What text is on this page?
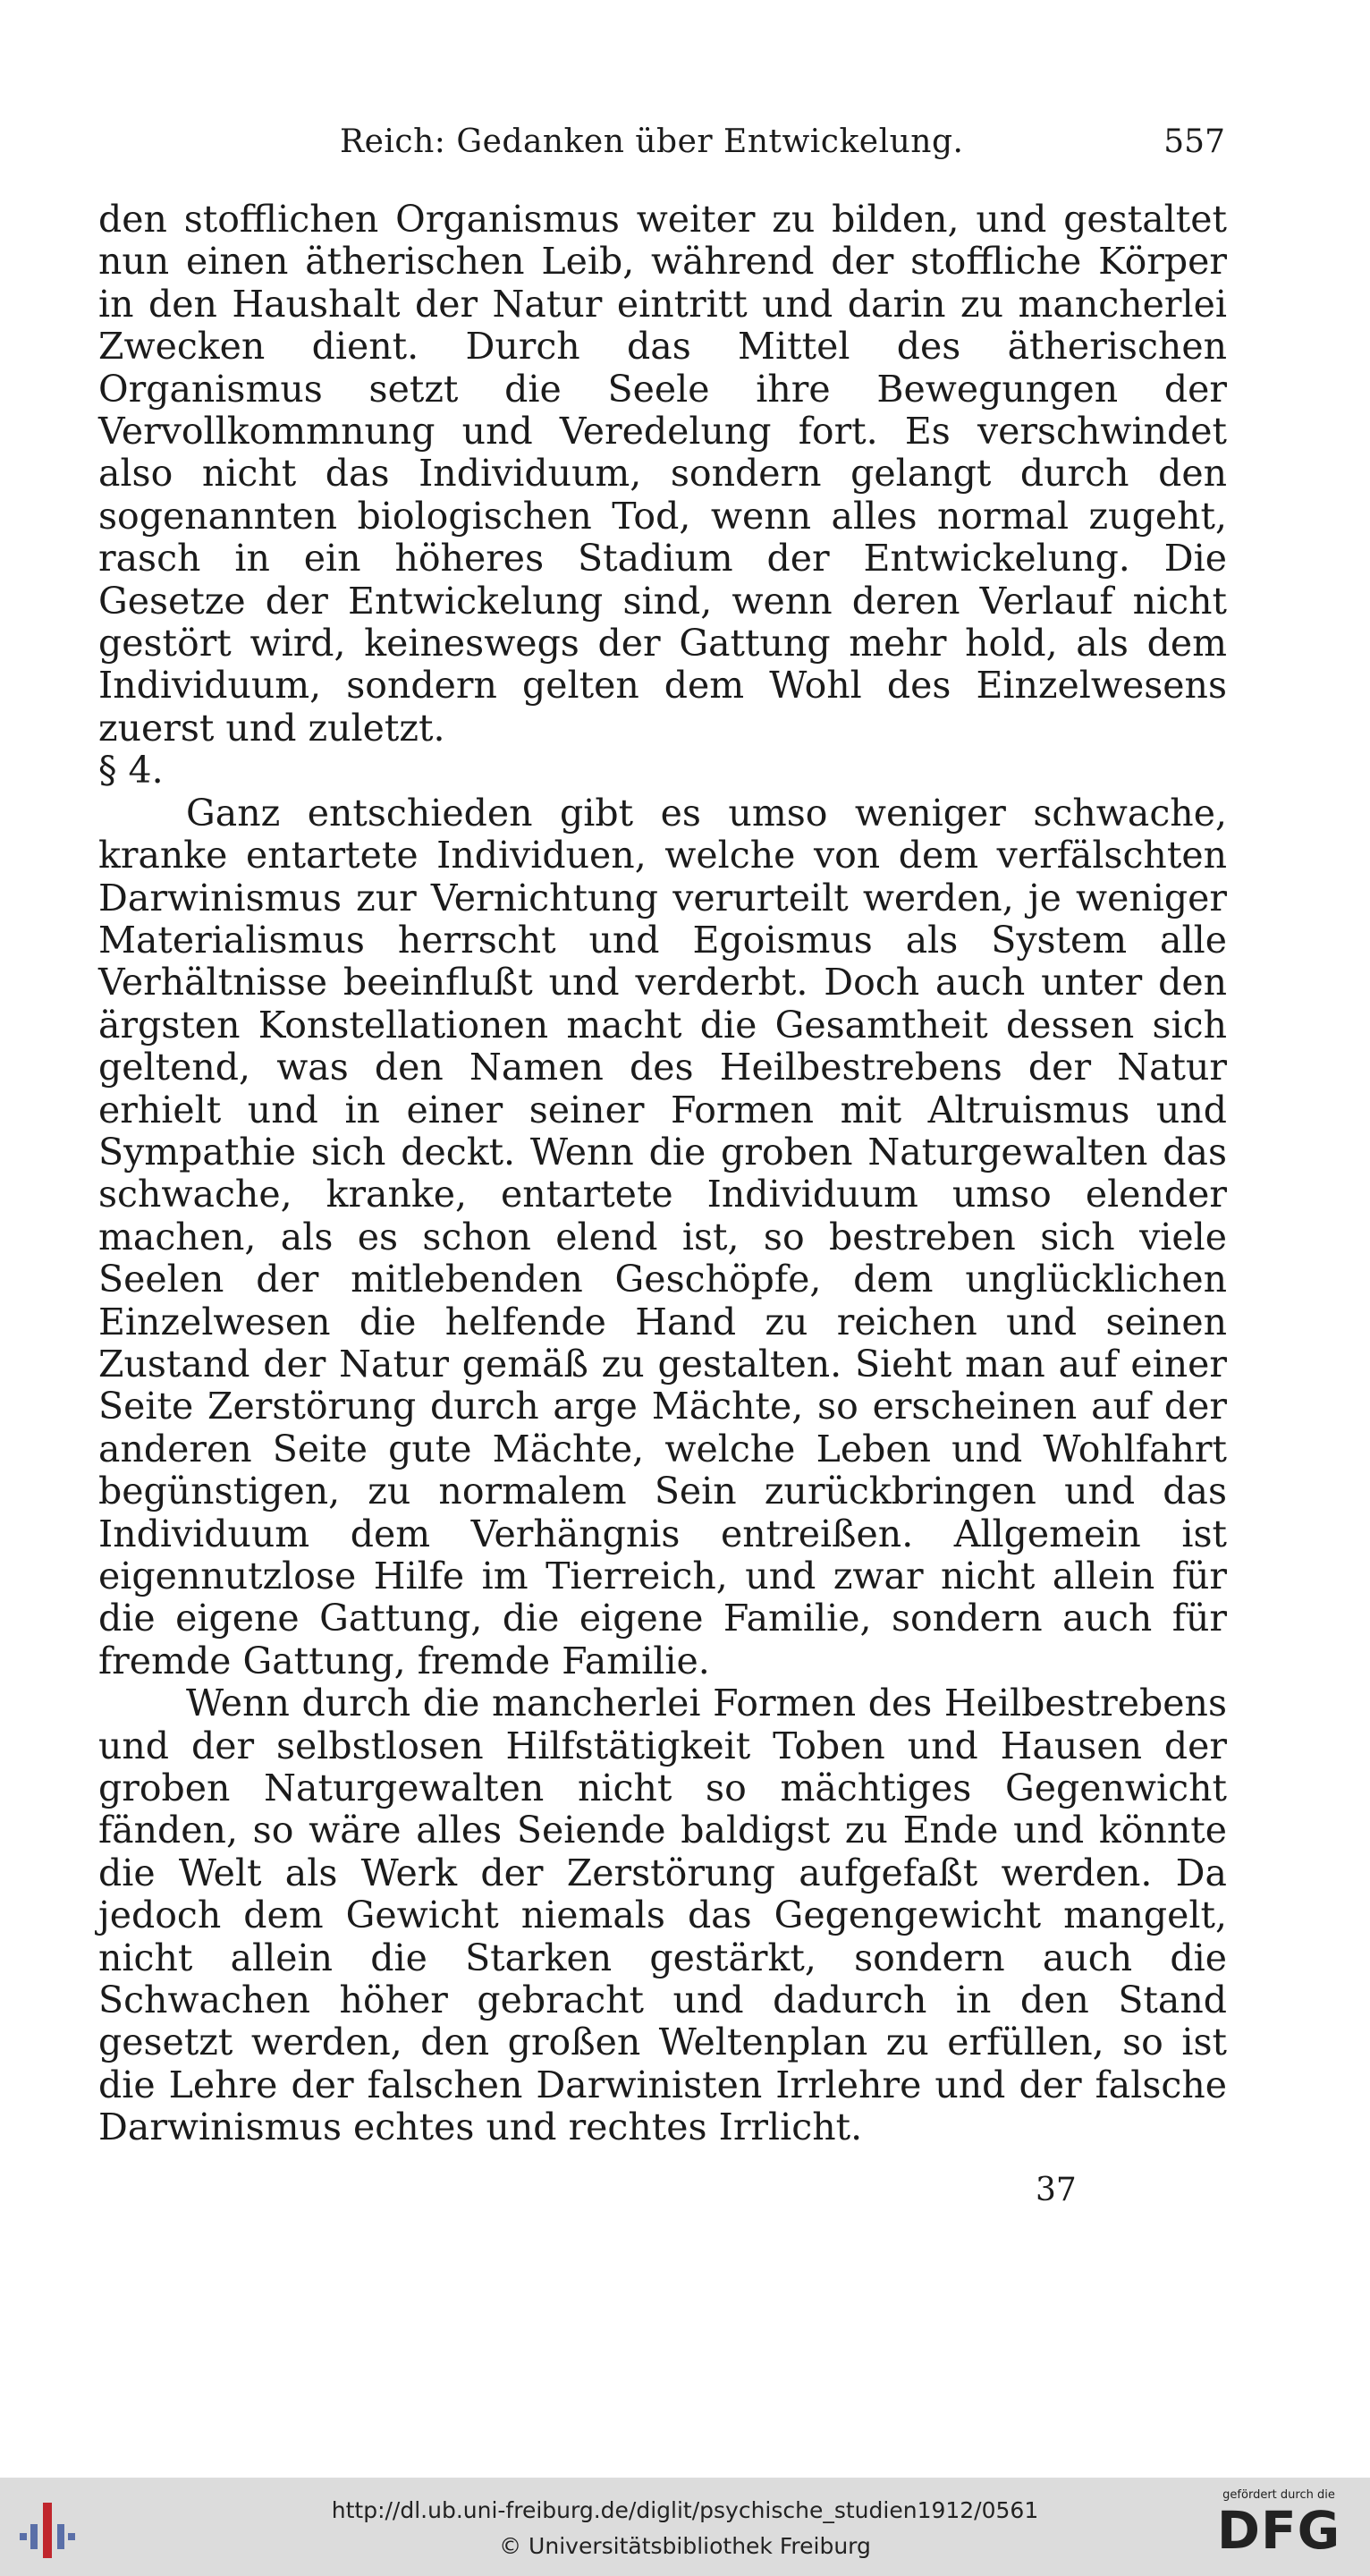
Reich: Gedanken über Entwickelung.	557

den stofflichen Organismus weiter zu bilden, und gestaltet nun einen ätherischen Leib, während der stoffliche Körper in den Haushalt der Natur eintritt und darin zu mancherlei Zwecken dient. Durch das Mittel des ätherischen Organismus setzt die Seele ihre Bewegungen der Vervollkommnung und Veredelung fort. Es verschwindet also nicht das Individuum, sondern gelangt durch den sogenannten biologischen Tod, wenn alles normal zugeht, rasch in ein höheres Stadium der Entwickelung. Die Gesetze der Entwickelung sind, wenn deren Verlauf nicht gestört wird, keineswegs der Gattung mehr hold, als dem Individuum, sondern gelten dem Wohl des Einzelwesens zuerst und zuletzt.

§ 4.

Ganz entschieden gibt es umso weniger schwache, kranke entartete Individuen, welche von dem verfälschten Darwinismus zur Vernichtung verurteilt werden, je weniger Materialismus herrscht und Egoismus als System alle Verhältnisse beeinflußt und verderbt. Doch auch unter den ärgsten Konstellationen macht die Gesamtheit dessen sich geltend, was den Namen des Heilbestrebens der Natur erhielt und in einer seiner Formen mit Altruismus und Sympathie sich deckt. Wenn die groben Naturgewalten das schwache, kranke, entartete Individuum umso elender machen, als es schon elend ist, so bestreben sich viele Seelen der mitlebenden Geschöpfe, dem unglücklichen Einzelwesen die helfende Hand zu reichen und seinen Zustand der Natur gemäß zu gestalten. Sieht man auf einer Seite Zerstörung durch arge Mächte, so erscheinen auf der anderen Seite gute Mächte, welche Leben und Wohlfahrt begünstigen, zu normalem Sein zurückbringen und das Individuum dem Verhängnis entreißen. Allgemein ist eigennutzlose Hilfe im Tierreich, und zwar nicht allein für die eigene Gattung, die eigene Familie, sondern auch für fremde Gattung, fremde Familie.

Wenn durch die mancherlei Formen des Heilbestrebens und der selbstlosen Hilfstätigkeit Toben und Hausen der groben Naturgewalten nicht so mächtiges Gegenwicht fänden, so wäre alles Seiende baldigst zu Ende und könnte die Welt als Werk der Zerstörung aufgefaßt werden. Da jedoch dem Gewicht niemals das Gegengewicht mangelt, nicht allein die Starken gestärkt, sondern auch die Schwachen höher gebracht und dadurch in den Stand gesetzt werden, den großen Weltenplan zu erfüllen, so ist die Lehre der falschen Darwinisten Irrlehre und der falsche Darwinismus echtes und rechtes Irrlicht.

37
http://dl.ub.uni-freiburg.de/diglit/psychische_studien1912/0561
© Universitätsbibliothek Freiburg
gefördert durch die
DFG
